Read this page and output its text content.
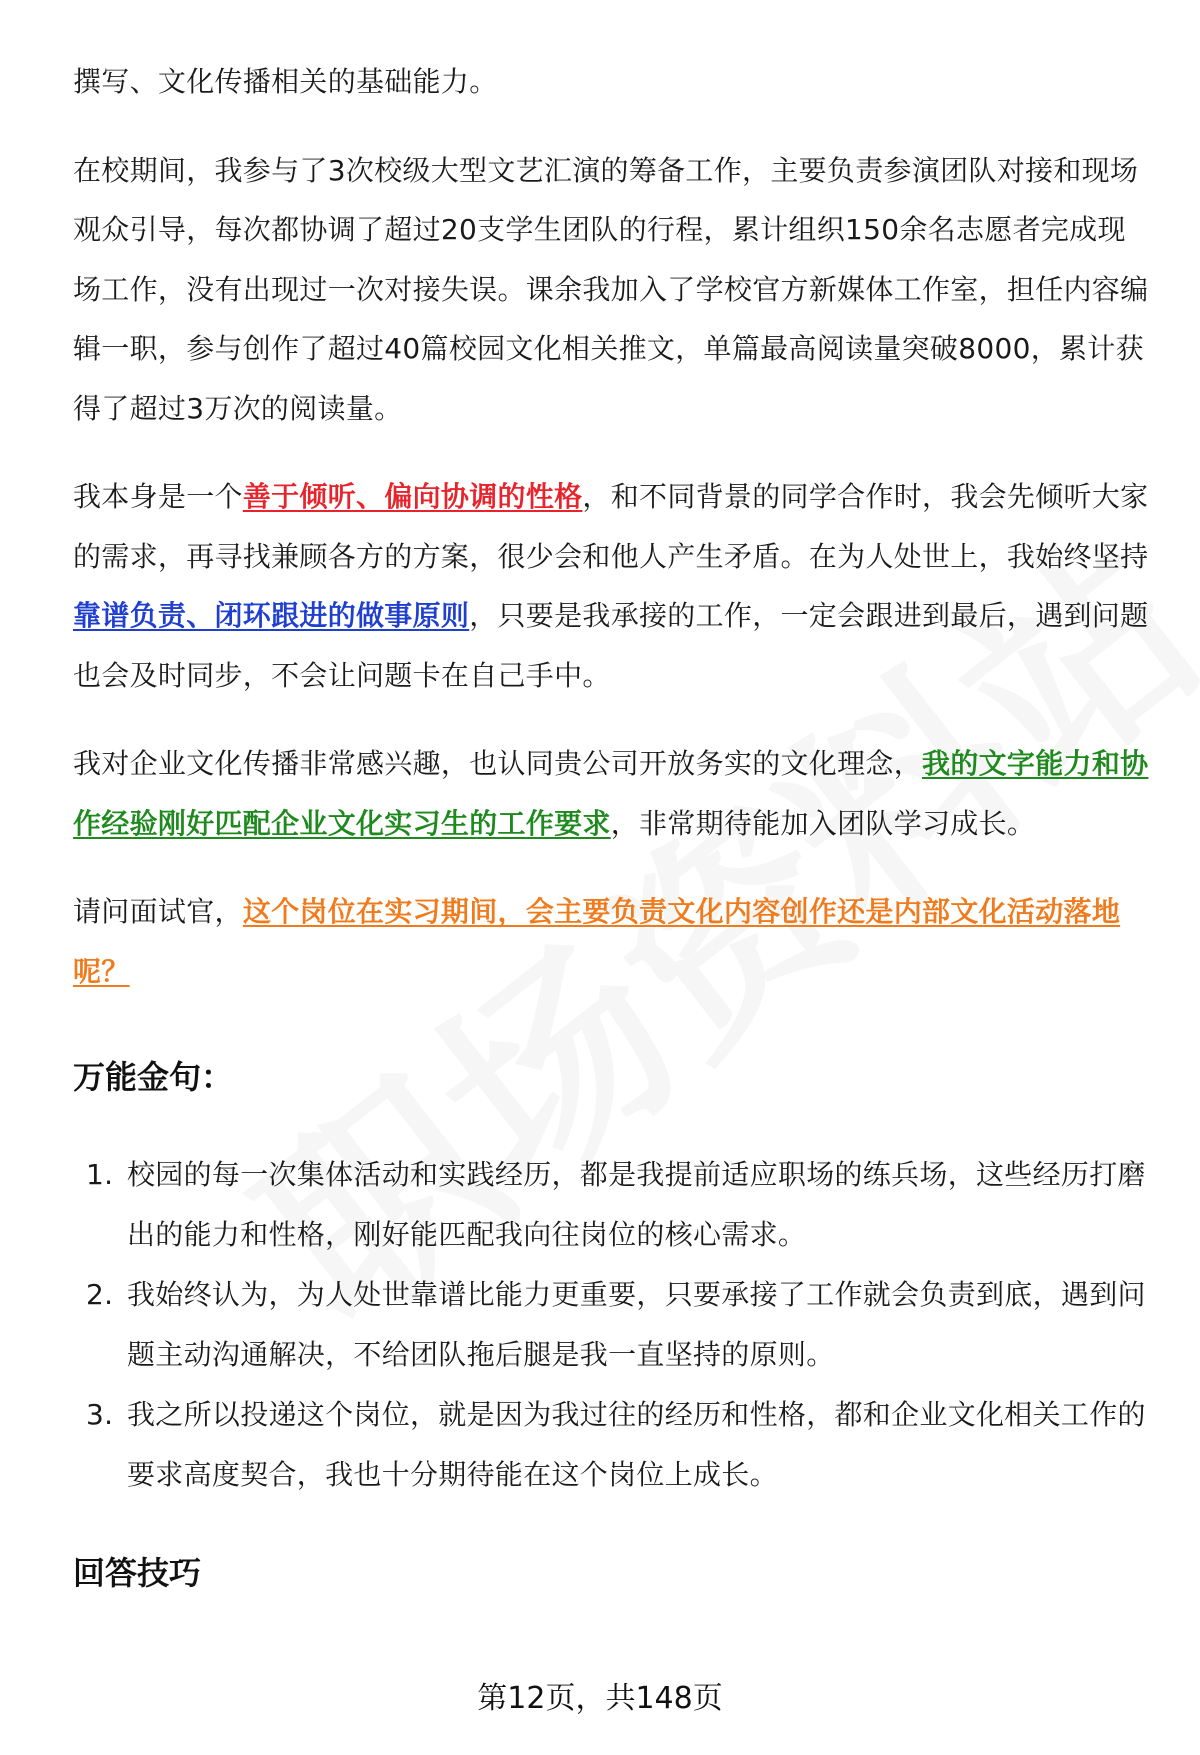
撰写、文化传播相关的基础能力。

在校期间，我参与了3次校级大型文艺汇演的筹备工作，主要负责参演团队对接和现场观众引导，每次都协调了超过20支学生团队的行程，累计组织150余名志愿者完成现场工作，没有出现过一次对接失误。课余我加入了学校官方新媒体工作室，担任内容编辑一职，参与创作了超过40篇校园文化相关推文，单篇最高阅读量突破8000，累计获得了超过3万次的阅读量。

我本身是一个善于倾听、偏向协调的性格，和不同背景的同学合作时，我会先倾听大家的需求，再寻找兼顾各方的方案，很少会和他人产生矛盾。在为人处世上，我始终坚持靠谱负责、闭环跟进的做事原则，只要是我承接的工作，一定会跟进到最后，遇到问题也会及时同步，不会让问题卡在自己手中。

我对企业文化传播非常感兴趣，也认同贵公司开放务实的文化理念，我的文字能力和协作经验刚好匹配企业文化实习生的工作要求，非常期待能加入团队学习成长。

请问面试官，这个岗位在实习期间，会主要负责文化内容创作还是内部文化活动落地呢？

万能金句：
1. 校园的每一次集体活动和实践经历，都是我提前适应职场的练兵场，这些经历打磨出的能力和性格，刚好能匹配我向往岗位的核心需求。
2. 我始终认为，为人处世靠谱比能力更重要，只要承接了工作就会负责到底，遇到问题主动沟通解决，不给团队拖后腿是我一直坚持的原则。
3. 我之所以投递这个岗位，就是因为我过往的经历和性格，都和企业文化相关工作的要求高度契合，我也十分期待能在这个岗位上成长。
回答技巧
第12页，共148页
